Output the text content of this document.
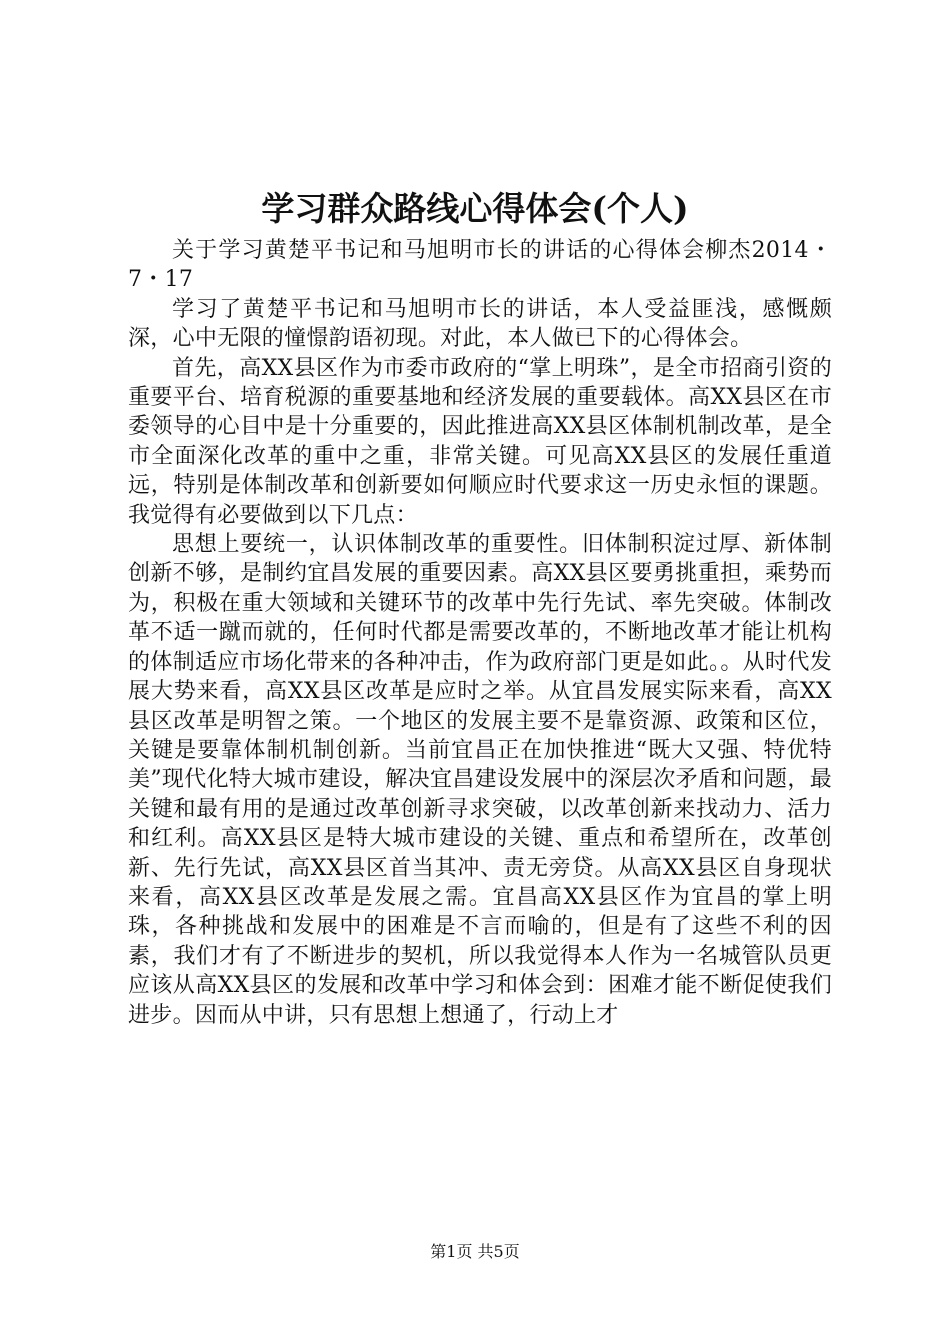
学习群众路线心得体会(个人)

关于学习黄楚平书记和马旭明市长的讲话的心得体会柳杰2014・7・17

学习了黄楚平书记和马旭明市长的讲话，本人受益匪浅，感慨颇深，心中无限的憧憬韵语初现。对此，本人做已下的心得体会。

首先，高XX县区作为市委市政府的“掌上明珠”，是全市招商引资的重要平台、培育税源的重要基地和经济发展的重要载体。高XX县区在市委领导的心目中是十分重要的，因此推进高XX县区体制机制改革，是全市全面深化改革的重中之重，非常关键。可见高XX县区的发展任重道远，特别是体制改革和创新要如何顺应时代要求这一历史永恒的课题。我觉得有必要做到以下几点：

思想上要统一，认识体制改革的重要性。旧体制积淀过厚、新体制创新不够，是制约宜昌发展的重要因素。高XX县区要勇挑重担，乘势而为，积极在重大领域和关键环节的改革中先行先试、率先突破。体制改革不适一蹴而就的，任何时代都是需要改革的，不断地改革才能让机构的体制适应市场化带来的各种冲击，作为政府部门更是如此。。从时代发展大势来看，高XX县区改革是应时之举。从宜昌发展实际来看，高XX县区改革是明智之策。一个地区的发展主要不是靠资源、政策和区位，关键是要靠体制机制创新。当前宜昌正在加快推进“既大又强、特优特美”现代化特大城市建设，解决宜昌建设发展中的深层次矛盾和问题，最关键和最有用的是通过改革创新寻求突破，以改革创新来找动力、活力和红利。高XX县区是特大城市建设的关键、重点和希望所在，改革创新、先行先试，高XX县区首当其冲、责无旁贷。从高XX县区自身现状来看，高XX县区改革是发展之需。宜昌高XX县区作为宜昌的掌上明珠，各种挑战和发展中的困难是不言而喻的，但是有了这些不利的因素，我们才有了不断进步的契机，所以我觉得本人作为一名城管队员更应该从高XX县区的发展和改革中学习和体会到：困难才能不断促使我们进步。因而从中讲，只有思想上想通了，行动上才

第1页 共5页
